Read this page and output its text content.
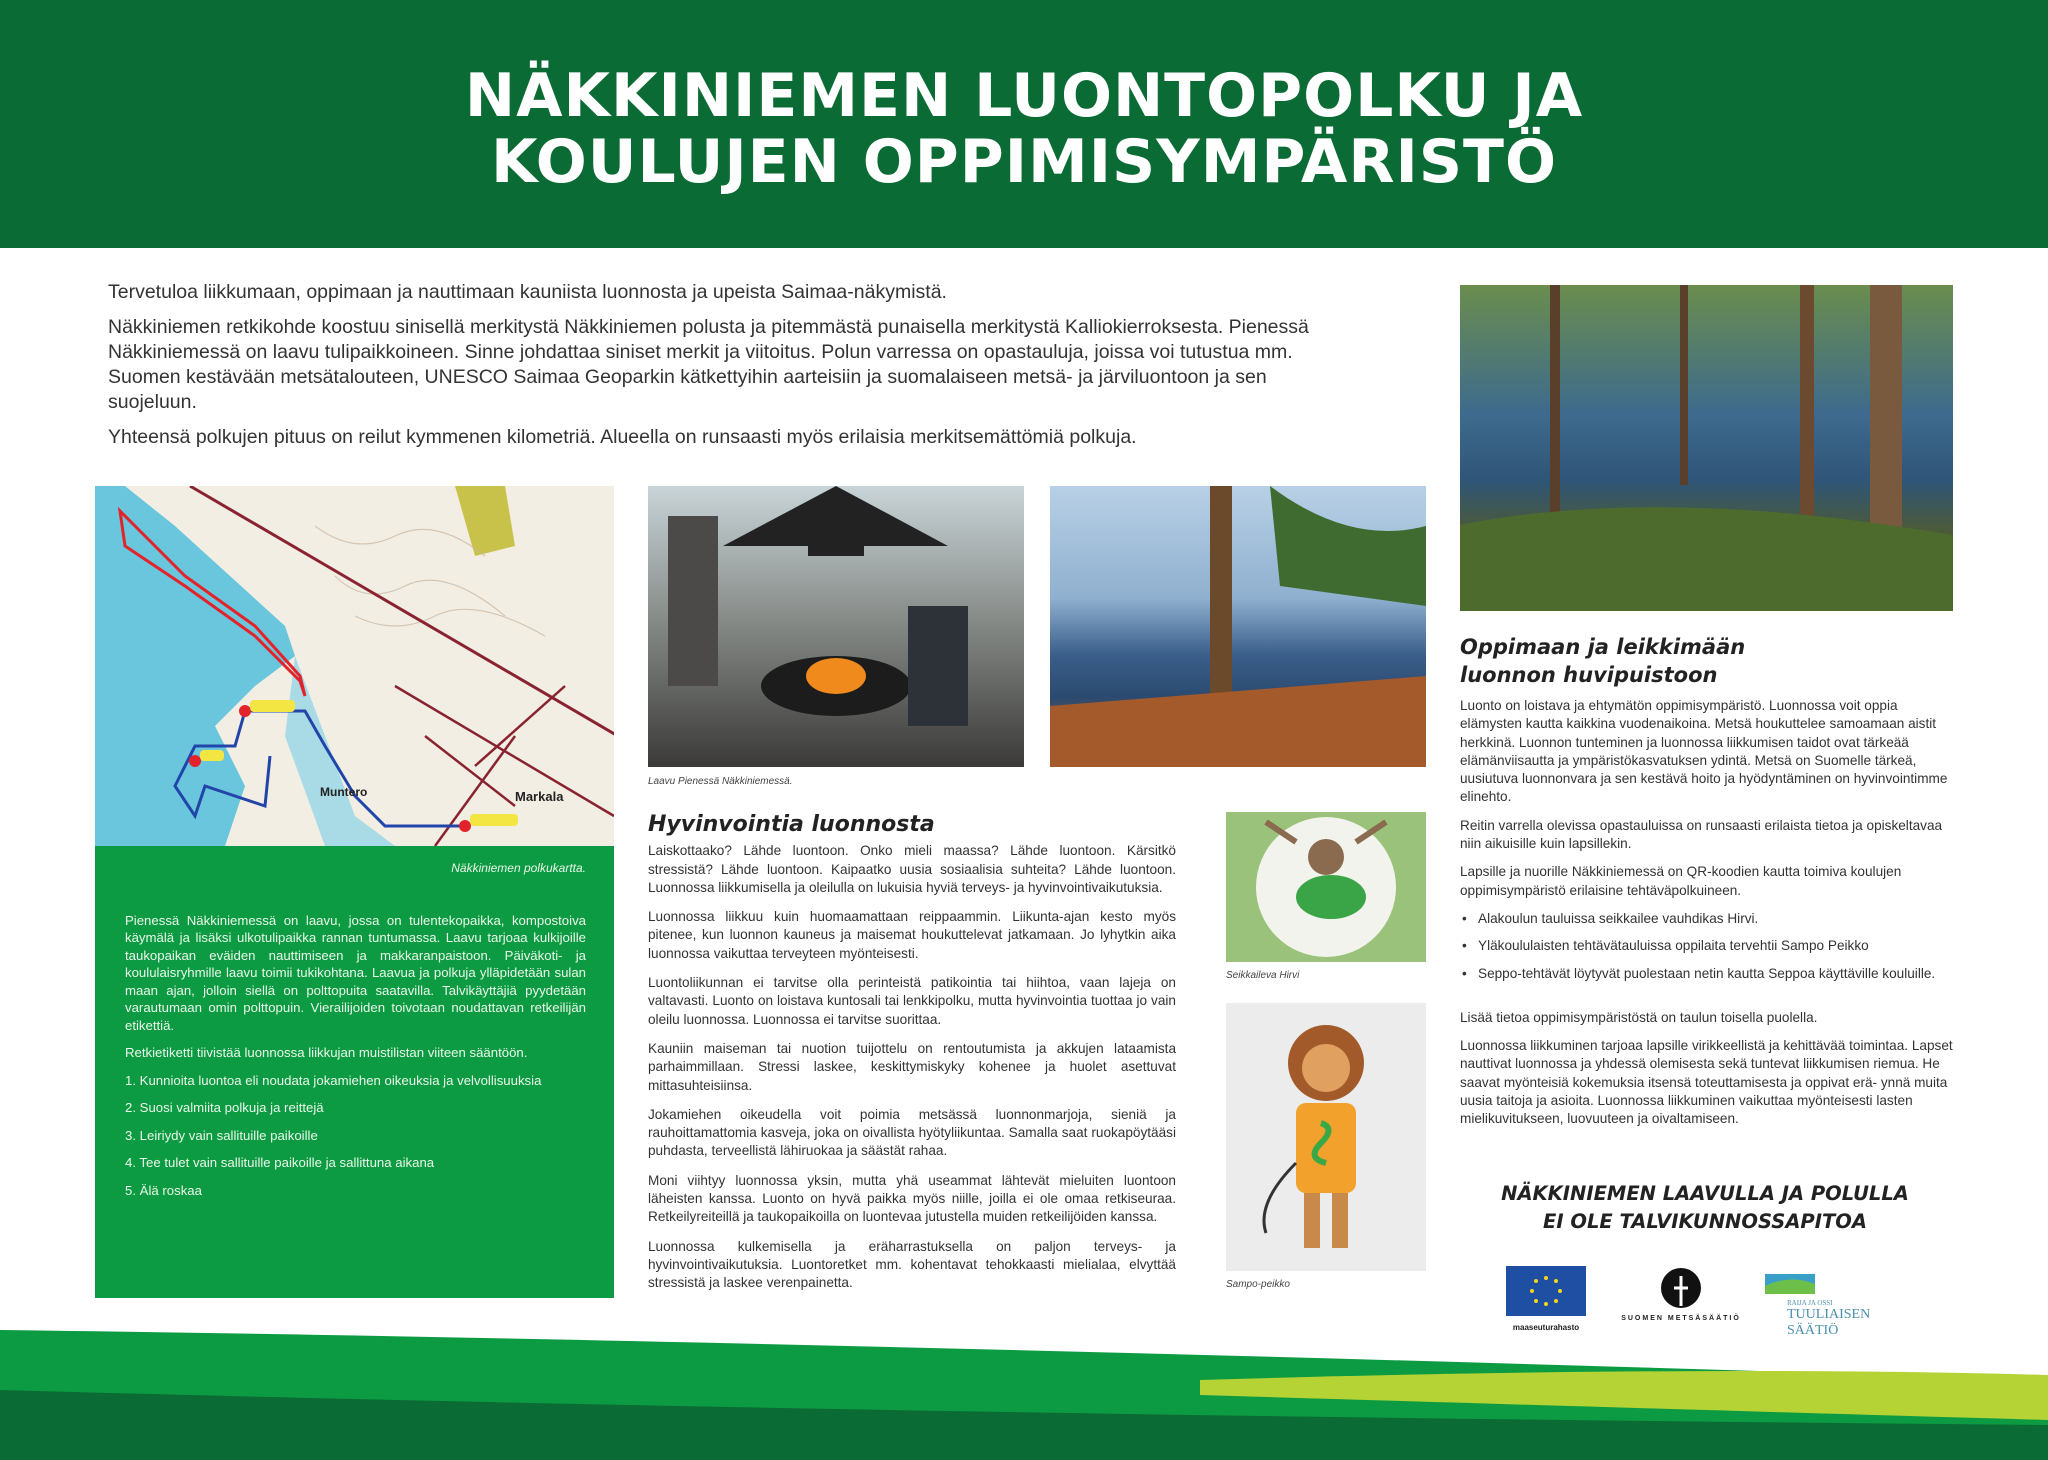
NÄKKINIEMEN LUONTOPOLKU JA
KOULUJEN OPPIMISYMPÄRISTÖ

Tervetuloa liikkumaan, oppimaan ja nauttimaan kauniista luonnosta ja upeista Saimaa-näkymistä.

Näkkiniemen retkikohde koostuu sinisellä merkitystä Näkkiniemen polusta ja pitemmästä punaisella merkitystä Kalliokierroksesta. Pienessä Näkkiniemessä on laavu tulipaikkoineen. Sinne johdattaa siniset merkit ja viitoitus. Polun varressa on opastauluja, joissa voi tutustua mm. Suomen kestävään metsätalouteen, UNESCO Saimaa Geoparkin kätkettyihin aarteisiin ja suomalaiseen metsä- ja järviluontoon ja sen suojeluun.

Yhteensä polkujen pituus on reilut kymmenen kilometriä. Alueella on runsaasti myös erilaisia merkitsemättömiä polkuja.

Markala
Muntero
Näkkiniemen polkukartta.

Pienessä Näkkiniemessä on laavu, jossa on tulentekopaikka, kompostoiva käymälä ja lisäksi ulkotulipaikka rannan tuntumassa. Laavu tarjoaa kulkijoille taukopaikan eväiden nauttimiseen ja makkaranpaistoon. Päiväkoti- ja koululaisryhmille laavu toimii tukikohtana. Laavua ja polkuja ylläpidetään sulan maan ajan, jolloin siellä on polttopuita saatavilla. Talvikäyttäjiä pyydetään varautumaan omin polttopuin. Vierailijoiden toivotaan noudattavan retkeilijän etikettiä.

Retkietiketti tiivistää luonnossa liikkujan muistilistan viiteen sääntöön.

1. Kunnioita luontoa eli noudata jokamiehen oikeuksia ja velvollisuuksia
2. Suosi valmiita polkuja ja reittejä
3. Leiriydy vain sallituille paikoille
4. Tee tulet vain sallituille paikoille ja sallittuna aikana
5. Älä roskaa
Laavu Pienessä Näkkiniemessä.
Hyvinvointia luonnosta

Laiskottaako? Lähde luontoon. Onko mieli maassa? Lähde luontoon. Kärsitkö stressistä? Lähde luontoon. Kaipaatko uusia sosiaalisia suhteita? Lähde luontoon. Luonnossa liikkumisella ja oleilulla on lukuisia hyviä terveys- ja hyvinvointivaikutuksia.

Luonnossa liikkuu kuin huomaamattaan reippaammin. Liikunta-ajan kesto myös pitenee, kun luonnon kauneus ja maisemat houkuttelevat jatkamaan. Jo lyhytkin aika luonnossa vaikuttaa terveyteen myönteisesti.

Luontoliikunnan ei tarvitse olla perinteistä patikointia tai hiihtoa, vaan lajeja on valtavasti. Luonto on loistava kuntosali tai lenkkipolku, mutta hyvinvointia tuottaa jo vain oleilu luonnossa. Luonnossa ei tarvitse suorittaa.

Kauniin maiseman tai nuotion tuijottelu on rentoutumista ja akkujen lataamista parhaimmillaan. Stressi laskee, keskittymiskyky kohenee ja huolet asettuvat mittasuhteisiinsa.

Jokamiehen oikeudella voit poimia metsässä luonnonmarjoja, sieniä ja rauhoittamattomia kasveja, joka on oivallista hyötyliikuntaa. Samalla saat ruokapöytääsi puhdasta, terveellistä lähiruokaa ja säästät rahaa.

Moni viihtyy luonnossa yksin, mutta yhä useammat lähtevät mieluiten luontoon läheisten kanssa. Luonto on hyvä paikka myös niille, joilla ei ole omaa retkiseuraa. Retkeilyreiteillä ja taukopaikoilla on luontevaa jutustella muiden retkeilijöiden kanssa.

Luonnossa kulkemisella ja eräharrastuksella on paljon terveys- ja hyvinvointivaikutuksia. Luontoretket mm. kohentavat tehokkaasti mielialaa, elvyttää stressistä ja laskee verenpainetta.

Seikkaileva Hirvi
Sampo-peikko
Oppimaan ja leikkimään
luonnon huvipuistoon

Luonto on loistava ja ehtymätön oppimisympäristö. Luonnossa voit oppia elämysten kautta kaikkina vuodenaikoina. Metsä houkuttelee samoamaan aistit herkkinä. Luonnon tunteminen ja luonnossa liikkumisen taidot ovat tärkeää elämänviisautta ja ympäristökasvatuksen ydintä. Metsä on Suomelle tärkeä, uusiutuva luonnonvara ja sen kestävä hoito ja hyödyntäminen on hyvinvointimme elinehto.

Reitin varrella olevissa opastauluissa on runsaasti erilaista tietoa ja opiskeltavaa niin aikuisille kuin lapsillekin.

Lapsille ja nuorille Näkkiniemessä on QR-koodien kautta toimiva koulujen oppimisympäristö erilaisine tehtäväpolkuineen.

• Alakoulun tauluissa seikkailee vauhdikas Hirvi.
• Yläkoululaisten tehtävätauluissa oppilaita tervehtii Sampo Peikko
• Seppo-tehtävät löytyvät puolestaan netin kautta Seppoa käyttäville kouluille.

Lisää tietoa oppimisympäristöstä on taulun toisella puolella.

Luonnossa liikkuminen tarjoaa lapsille virikkeellistä ja kehittävää toimintaa. Lapset nauttivat luonnossa ja yhdessä olemisesta sekä tuntevat liikkumisen riemua. He saavat myönteisiä kokemuksia itsensä toteuttamisesta ja oppivat erä- ynnä muita uusia taitoja ja asioita. Luonnossa liikkuminen vaikuttaa myönteisesti lasten mielikuvitukseen, luovuuteen ja oivaltamiseen.

NÄKKINIEMEN LAAVULLA JA POLULLA
EI OLE TALVIKUNNOSSAPITOA
maaseuturahasto
SUOMEN METSÄSÄÄTIÖ
RAIJA JA OSSI
TUULIAISEN SÄÄTIÖ
